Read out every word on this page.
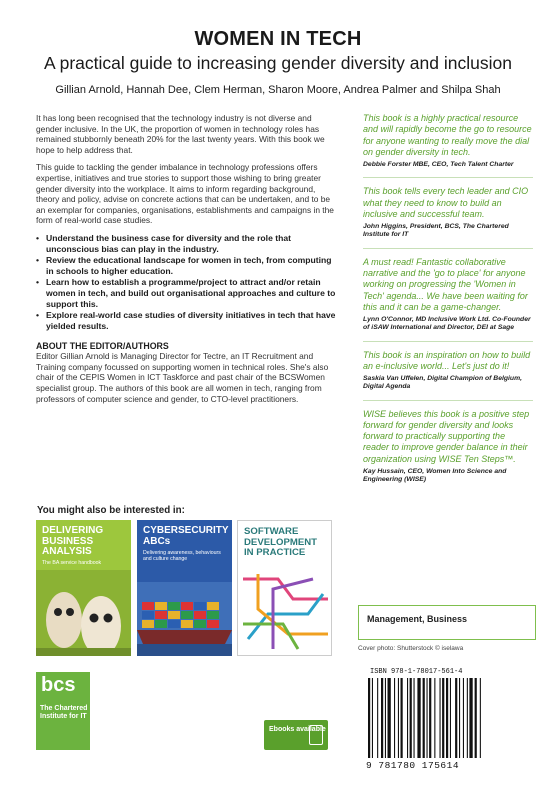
WOMEN IN TECH
A practical guide to increasing gender diversity and inclusion
Gillian Arnold, Hannah Dee, Clem Herman, Sharon Moore, Andrea Palmer and Shilpa Shah

It has long been recognised that the technology industry is not diverse and gender inclusive. In the UK, the proportion of women in technology roles has remained stubbornly beneath 20% for the last twenty years. With this book we hope to help address that.

This guide to tackling the gender imbalance in technology professions offers expertise, initiatives and true stories to support those wishing to bring greater gender diversity into the workplace. It aims to inform regarding background, theory and policy, advise on concrete actions that can be undertaken, and to be an exemplar for companies, organisations, establishments and campaigns in the form of real-world case studies.

• Understand the business case for diversity and the role that unconscious bias can play in the industry.
• Review the educational landscape for women in tech, from computing in schools to higher education.
• Learn how to establish a programme/project to attract and/or retain women in tech, and build out organisational approaches and culture to support this.
• Explore real-world case studies of diversity initiatives in tech that have yielded results.
ABOUT THE EDITOR/AUTHORS

Editor Gillian Arnold is Managing Director for Tectre, an IT Recruitment and Training company focussed on supporting women in technical roles. She's also chair of the CEPIS Women in ICT Taskforce and past chair of the BCSWomen specialist group. The authors of this book are all women in tech, ranging from professors of computer science and gender, to CTO-level practitioners.

This book is a highly practical resource and will rapidly become the go to resource for anyone wanting to really move the dial on gender diversity in tech.
Debbie Forster MBE, CEO, Tech Talent Charter
This book tells every tech leader and CIO what they need to know to build an inclusive and successful team.
John Higgins, President, BCS, The Chartered Institute for IT
A must read! Fantastic collaborative narrative and the 'go to place' for anyone working on progressing the 'Women in Tech' agenda... We have been waiting for this and it can be a game-changer.
Lynn O'Connor, MD Inclusive Work Ltd. Co-Founder of iSAW International and Director, DEI at Sage
This book is an inspiration on how to build an e-inclusive world... Let's just do it!
Saskia Van Uffelen, Digital Champion of Belgium, Digital Agenda
WISE believes this book is a positive step forward for gender diversity and looks forward to practically supporting the reader to improve gender balance in their organization using WISE Ten Steps™.
Kay Hussain, CEO, Women Into Science and Engineering (WISE)
Management, Business
Cover photo: Shutterstock © iselawa
ISBN 978-1-78017-561-4
9 781780 175614
You might also be interested in:
DELIVERING BUSINESS ANALYSIS
The BA service handbook
CYBERSECURITY ABCs
Delivering awareness, behaviours and culture change
SOFTWARE DEVELOPMENT IN PRACTICE
bcs
The Chartered Institute for IT
Ebooks available
